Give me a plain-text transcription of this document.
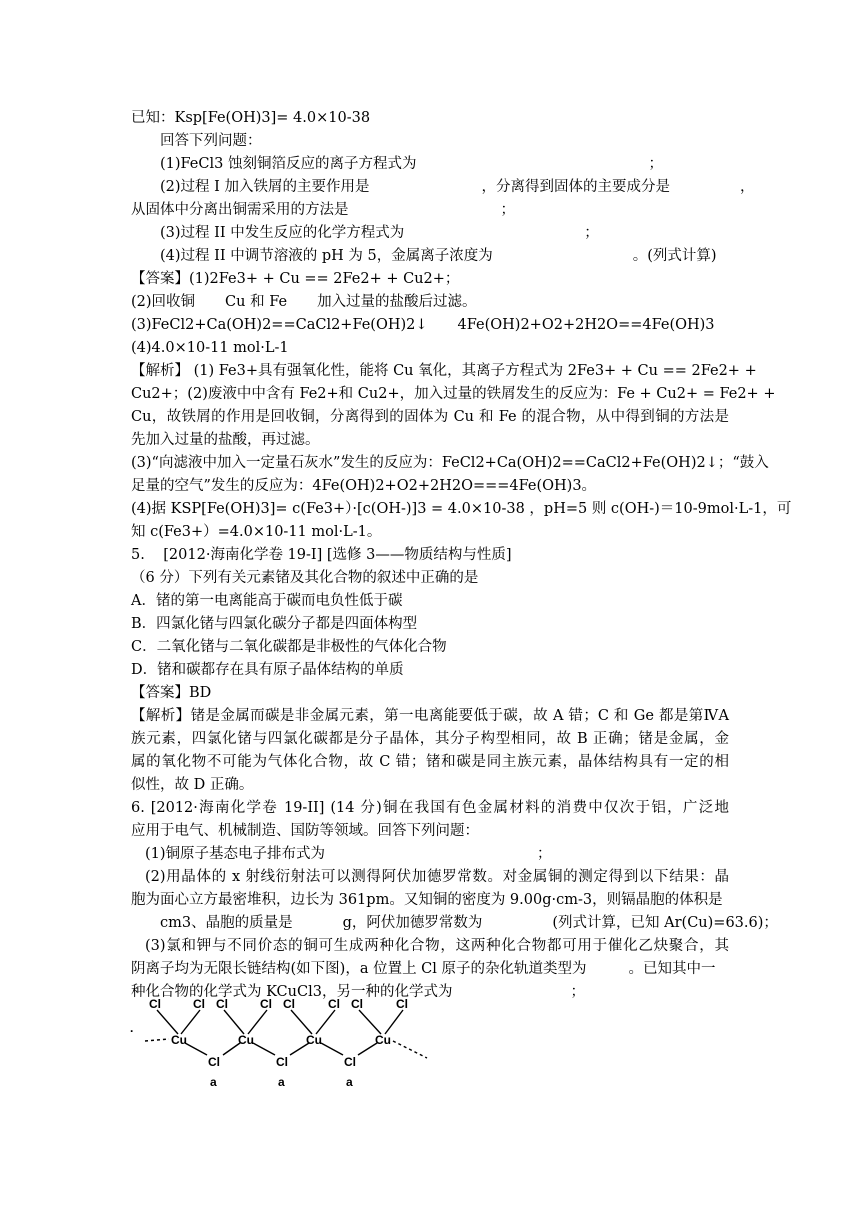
已知：Ksp[Fe(OH)3]= 4.0×10-38
回答下列问题：
(1)FeCl3 蚀刻铜箔反应的离子方程式为	；
(2)过程 I 加入铁屑的主要作用是	，分离得到固体的主要成分是	，
从固体中分离出铜需采用的方法是	；
(3)过程 II 中发生反应的化学方程式为	；
(4)过程 II 中调节溶液的 pH 为 5，金属离子浓度为	。(列式计算)
【答案】(1)2Fe3+ + Cu == 2Fe2+ + Cu2+；
(2)回收铜 Cu 和 Fe 加入过量的盐酸后过滤。
(3)FeCl2+Ca(OH)2==CaCl2+Fe(OH)2↓ 4Fe(OH)2+O2+2H2O==4Fe(OH)3
(4)4.0×10-11 mol·L-1
【解析】 (1) Fe3+具有强氧化性，能将 Cu 氧化，其离子方程式为 2Fe3+ + Cu == 2Fe2+ +
Cu2+；(2)废液中中含有 Fe2+和 Cu2+，加入过量的铁屑发生的反应为：Fe + Cu2+ = Fe2+ +
Cu，故铁屑的作用是回收铜，分离得到的固体为 Cu 和 Fe 的混合物，从中得到铜的方法是
先加入过量的盐酸，再过滤。
(3)“向滤液中加入一定量石灰水”发生的反应为：FeCl2+Ca(OH)2==CaCl2+Fe(OH)2↓；“鼓入
足量的空气”发生的反应为：4Fe(OH)2+O2+2H2O===4Fe(OH)3。
(4)据 KSP[Fe(OH)3]= c(Fe3+）·[c(OH-)]3 = 4.0×10-38 ，pH=5 则 c(OH-)＝10-9mol·L-1，可
知 c(Fe3+）=4.0×10-11 mol·L-1。
5.    [2012·海南化学卷 19-I] [选修 3——物质结构与性质]
（6 分）下列有关元素锗及其化合物的叙述中正确的是
A．锗的第一电离能高于碳而电负性低于碳
B．四氯化锗与四氯化碳分子都是四面体构型
C．二氧化锗与二氧化碳都是非极性的气体化合物
D．锗和碳都存在具有原子晶体结构的单质
【答案】BD
【解析】锗是金属而碳是非金属元素，第一电离能要低于碳，故 A 错；C 和 Ge 都是第ⅣA
族元素，四氯化锗与四氯化碳都是分子晶体，其分子构型相同，故 B 正确；锗是金属，金
属的氧化物不可能为气体化合物，故 C 错；锗和碳是同主族元素，晶体结构具有一定的相
似性，故 D 正确。
6. [2012·海南化学卷 19-II] (14 分)铜在我国有色金属材料的消费中仅次于铝，广泛地
应用于电气、机械制造、国防等领域。回答下列问题：
(1)铜原子基态电子排布式为	；
(2)用晶体的 x 射线衍射法可以测得阿伏加德罗常数。对金属铜的测定得到以下结果：晶
胞为面心立方最密堆积，边长为 361pm。又知铜的密度为 9.00g·cm-3，则镉晶胞的体积是
cm3、晶胞的质量是	g，阿伏加德罗常数为	(列式计算，已知 Ar(Cu)=63.6)；
(3)氯和钾与不同价态的铜可生成两种化合物，这两种化合物都可用于催化乙炔聚合，其
阴离子均为无限长链结构(如下图)，a 位置上 Cl 原子的杂化轨道类型为	。已知其中一
种化合物的化学式为 KCuCl3，另一种的化学式为	；
Cl	Cl Cl	Cl Cl	Cl Cl	Cl
Cu	Cu	Cu	Cu
Cl	Cl	Cl
a	a	a
.
